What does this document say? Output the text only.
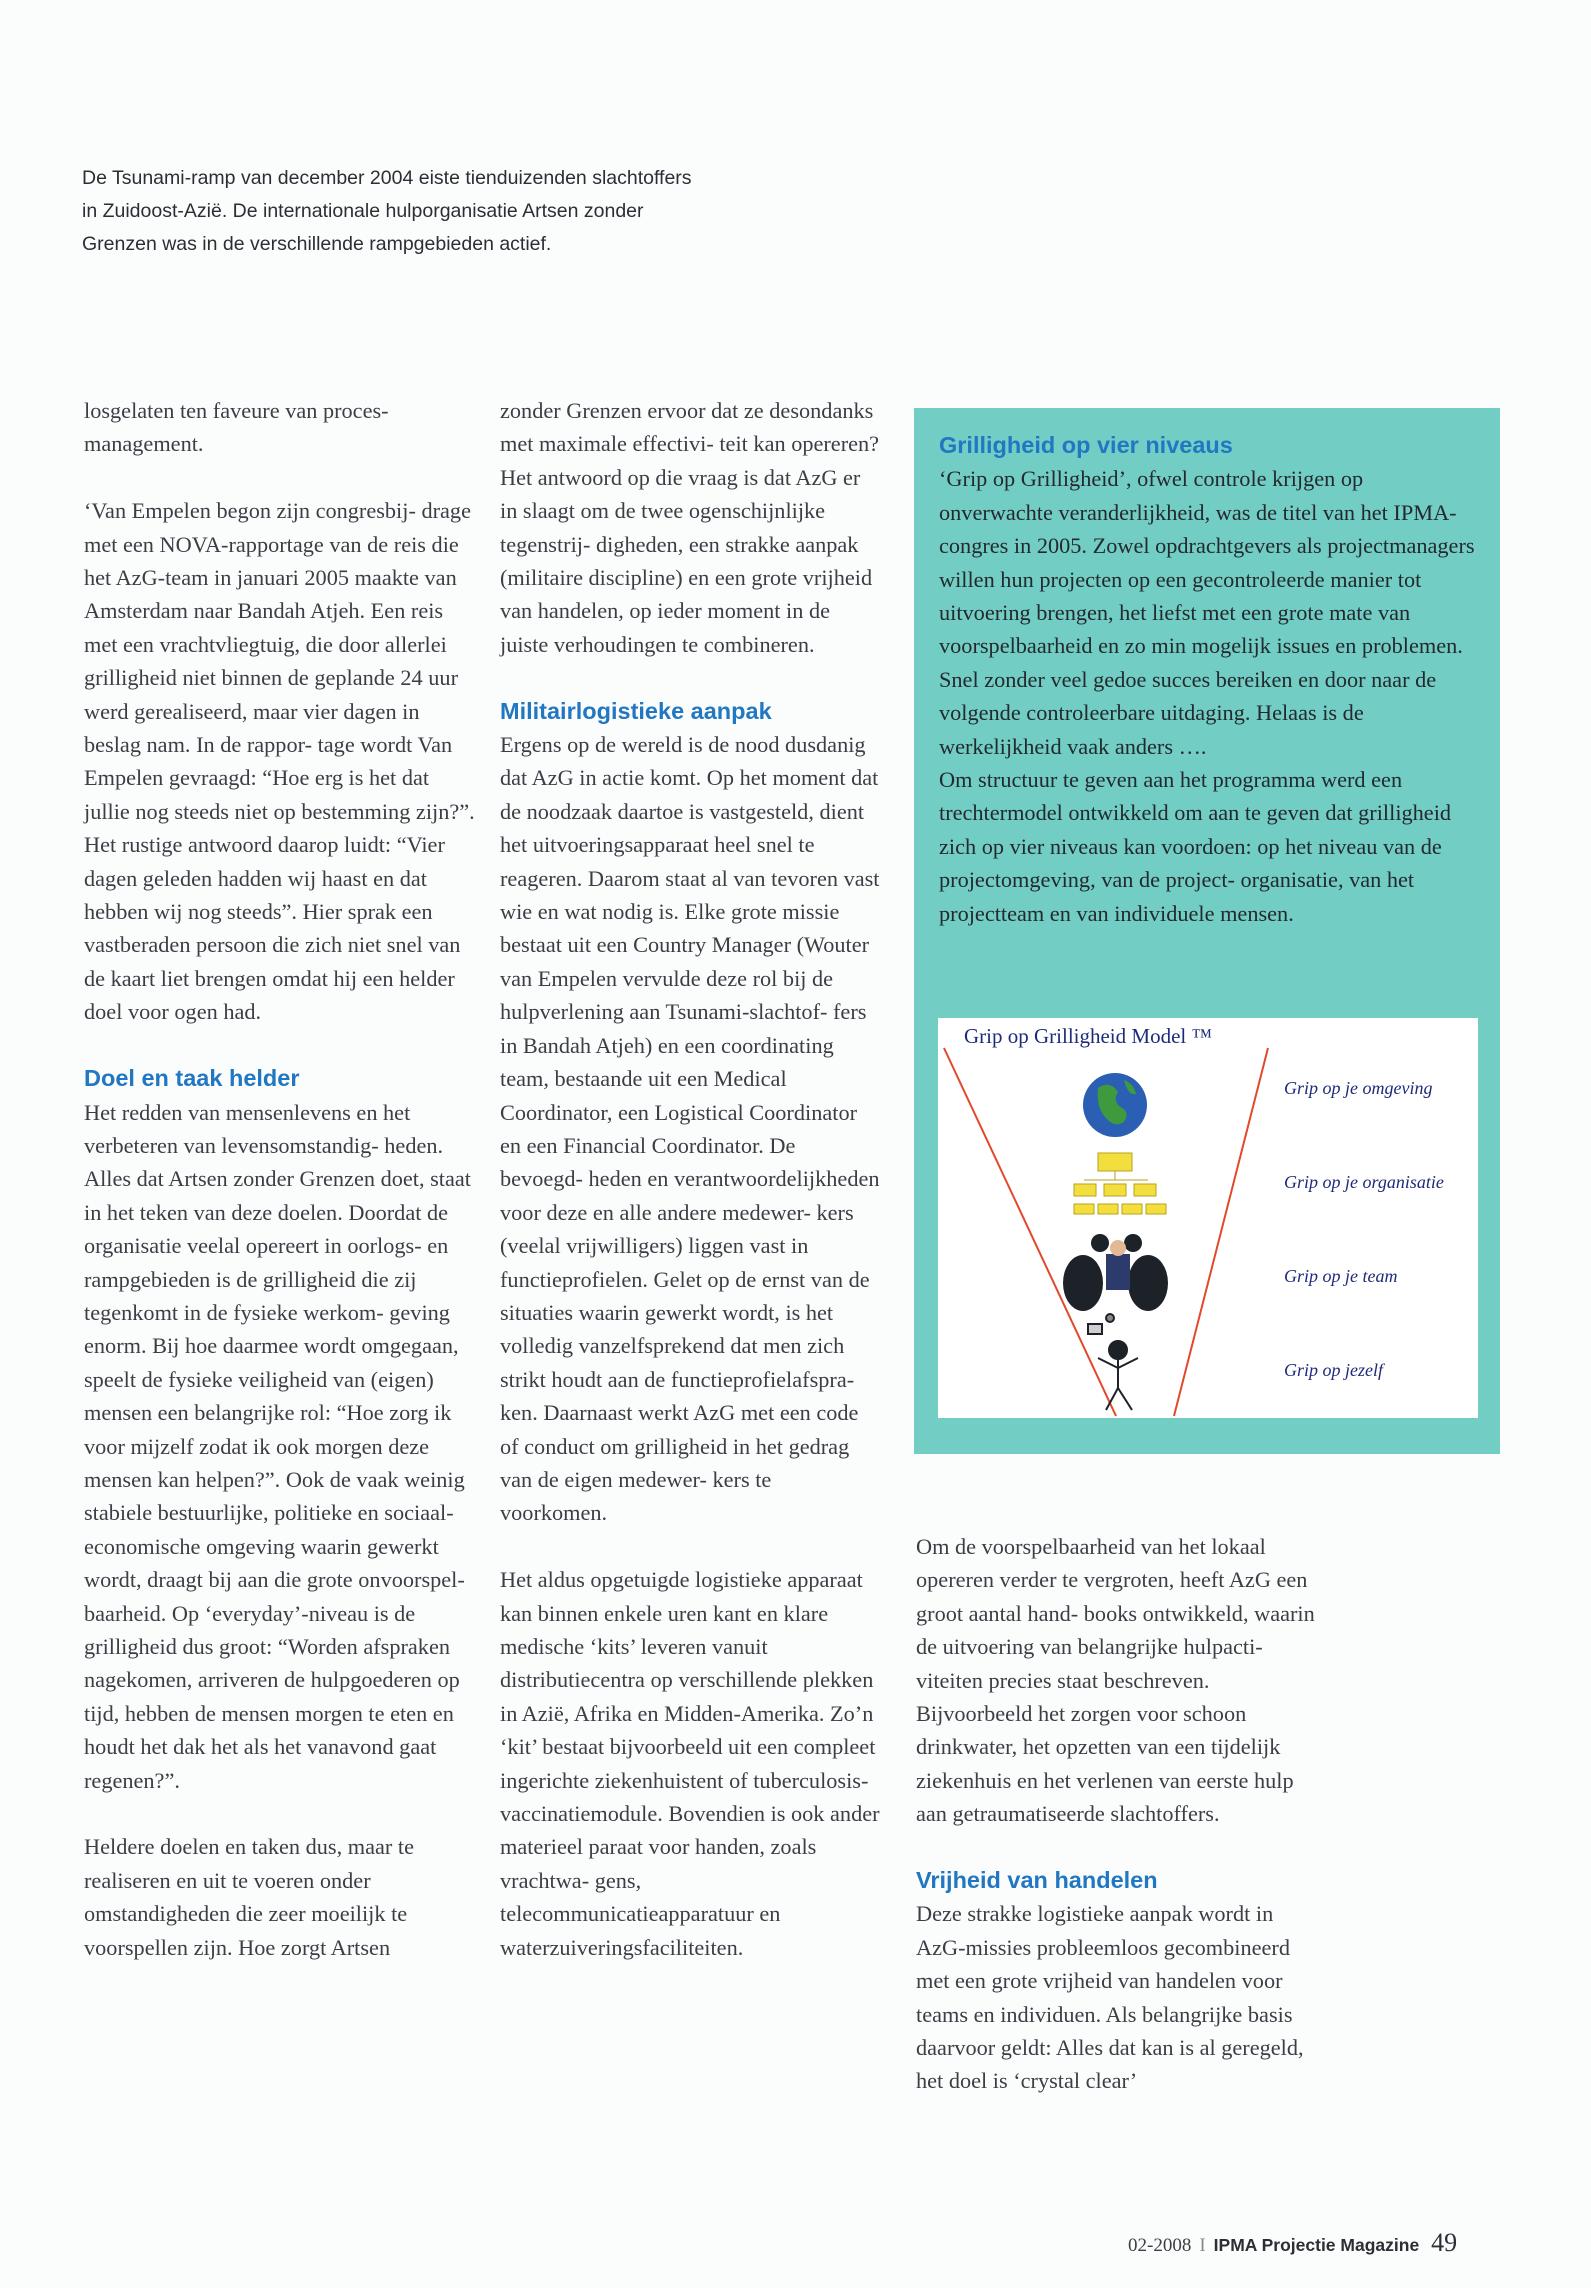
De Tsunami-ramp van december 2004 eiste tienduizenden slachtoffers
in Zuidoost-Azië. De internationale hulporganisatie Artsen zonder
Grenzen was in de verschillende rampgebieden actief.

losgelaten ten faveure van proces- management.

‘Van Empelen begon zijn congresbij- drage met een NOVA-rapportage van de reis die het AzG-team in januari 2005 maakte van Amsterdam naar Bandah Atjeh. Een reis met een vrachtvliegtuig, die door allerlei grilligheid niet binnen de geplande 24 uur werd gerealiseerd, maar vier dagen in beslag nam. In de rappor- tage wordt Van Empelen gevraagd: “Hoe erg is het dat jullie nog steeds niet op bestemming zijn?”. Het rustige antwoord daarop luidt: “Vier dagen geleden hadden wij haast en dat hebben wij nog steeds”. Hier sprak een vastberaden persoon die zich niet snel van de kaart liet brengen omdat hij een helder doel voor ogen had.

Doel en taak helder

Het redden van mensenlevens en het verbeteren van levensomstandig- heden. Alles dat Artsen zonder Grenzen doet, staat in het teken van deze doelen. Doordat de organisatie veelal opereert in oorlogs- en rampgebieden is de grilligheid die zij tegenkomt in de fysieke werkom- geving enorm. Bij hoe daarmee wordt omgegaan, speelt de fysieke veiligheid van (eigen) mensen een belangrijke rol: “Hoe zorg ik voor mijzelf zodat ik ook morgen deze mensen kan helpen?”. Ook de vaak weinig stabiele bestuurlijke, politieke en sociaal-economische omgeving waarin gewerkt wordt, draagt bij aan die grote onvoorspel- baarheid. Op ‘everyday’-niveau is de grilligheid dus groot: “Worden afspraken nagekomen, arriveren de hulpgoederen op tijd, hebben de mensen morgen te eten en houdt het dak het als het vanavond gaat regenen?”.

Heldere doelen en taken dus, maar te realiseren en uit te voeren onder omstandigheden die zeer moeilijk te voorspellen zijn. Hoe zorgt Artsen

zonder Grenzen ervoor dat ze desondanks met maximale effectivi- teit kan opereren? Het antwoord op die vraag is dat AzG er in slaagt om de twee ogenschijnlijke tegenstrij- digheden, een strakke aanpak (militaire discipline) en een grote vrijheid van handelen, op ieder moment in de juiste verhoudingen te combineren.

Militairlogistieke aanpak

Ergens op de wereld is de nood dusdanig dat AzG in actie komt. Op het moment dat de noodzaak daartoe is vastgesteld, dient het uitvoeringsapparaat heel snel te reageren. Daarom staat al van tevoren vast wie en wat nodig is. Elke grote missie bestaat uit een Country Manager (Wouter van Empelen vervulde deze rol bij de hulpverlening aan Tsunami-slachtof- fers in Bandah Atjeh) en een coordinating team, bestaande uit een Medical Coordinator, een Logistical Coordinator en een Financial Coordinator. De bevoegd- heden en verantwoordelijkheden voor deze en alle andere medewer- kers (veelal vrijwilligers) liggen vast in functieprofielen. Gelet op de ernst van de situaties waarin gewerkt wordt, is het volledig vanzelfsprekend dat men zich strikt houdt aan de functieprofielafspra- ken. Daarnaast werkt AzG met een code of conduct om grilligheid in het gedrag van de eigen medewer- kers te voorkomen.

Het aldus opgetuigde logistieke apparaat kan binnen enkele uren kant en klare medische ‘kits’ leveren vanuit distributiecentra op verschillende plekken in Azië, Afrika en Midden-Amerika. Zo’n ‘kit’ bestaat bijvoorbeeld uit een compleet ingerichte ziekenhuistent of tuberculosis-vaccinatiemodule. Bovendien is ook ander materieel paraat voor handen, zoals vrachtwa- gens, telecommunicatieapparatuur en waterzuiveringsfaciliteiten.

Grilligheid op vier niveaus

‘Grip op Grilligheid’, ofwel controle krijgen op onverwachte veranderlijkheid, was de titel van het IPMA-congres in 2005. Zowel opdrachtgevers als projectmanagers willen hun projecten op een gecontroleerde manier tot uitvoering brengen, het liefst met een grote mate van voorspelbaarheid en zo min mogelijk issues en problemen. Snel zonder veel gedoe succes bereiken en door naar de volgende controleerbare uitdaging. Helaas is de werkelijkheid vaak anders ….

Om structuur te geven aan het programma werd een trechtermodel ontwikkeld om aan te geven dat grilligheid zich op vier niveaus kan voordoen: op het niveau van de projectomgeving, van de project- organisatie, van het projectteam en van individuele mensen.

Grip op Grilligheid Model ™
Grip op je omgeving
Grip op je organisatie
Grip op je team
Grip op jezelf

Om de voorspelbaarheid van het lokaal opereren verder te vergroten, heeft AzG een groot aantal hand- books ontwikkeld, waarin de uitvoering van belangrijke hulpacti- viteiten precies staat beschreven. Bijvoorbeeld het zorgen voor schoon drinkwater, het opzetten van een tijdelijk ziekenhuis en het verlenen van eerste hulp aan getraumatiseerde slachtoffers.

Vrijheid van handelen

Deze strakke logistieke aanpak wordt in AzG-missies probleemloos gecombineerd met een grote vrijheid van handelen voor teams en individuen. Als belangrijke basis daarvoor geldt: Alles dat kan is al geregeld, het doel is ‘crystal clear’

02-2008 I IPMA Projectie Magazine 49
